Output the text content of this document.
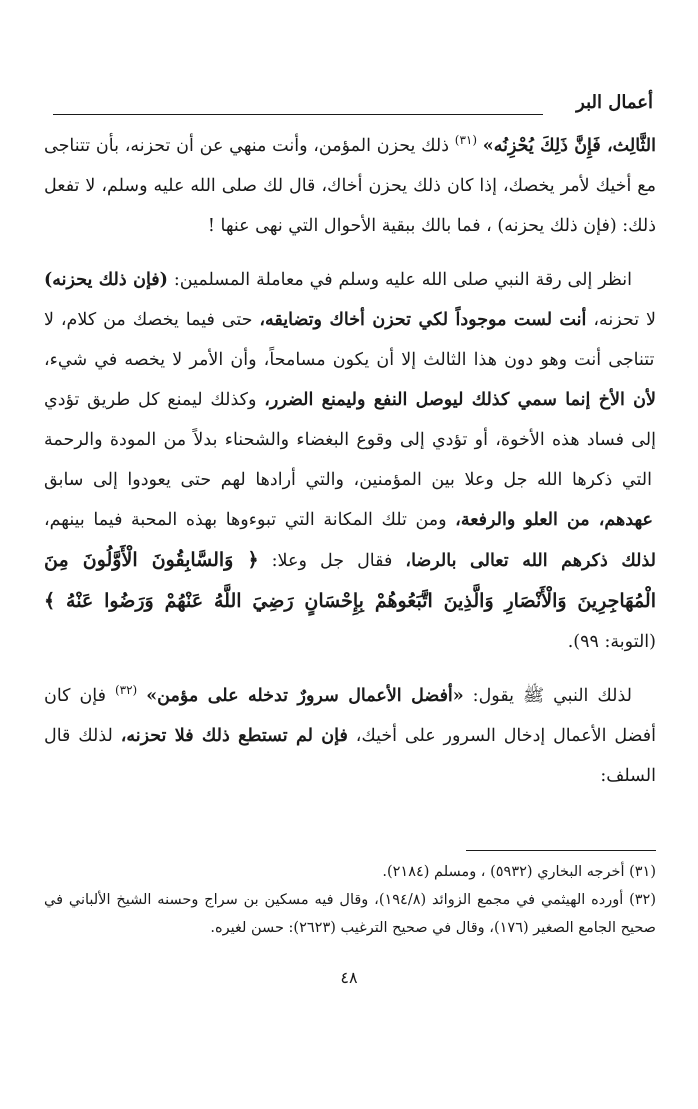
أعمال البر

الثَّالِث، فَإِنَّ ذَلِكَ يُحْزِنُه» $^{(٣١)}$ ذلك يحزن المؤمن، وأنت منهي عن أن تحزنه، بأن تتناجى مع أخيك لأمر يخصك، إذا كان ذلك يحزن أخاك، قال لك صلى الله عليه وسلم، لا تفعل ذلك: (فإن ذلك يحزنه) ، فما بالك ببقية الأحوال التي نهى عنها !

انظر إلى رقة النبي صلى الله عليه وسلم في معاملة المسلمين: (فإن ذلك يحزنه) لا تحزنه، أنت لست موجوداً لكي تحزن أخاك وتضايقه، حتى فيما يخصك من كلام، لا تتناجى أنت وهو دون هذا الثالث إلا أن يكون مسامحاً، وأن الأمر لا يخصه في شيء، لأن الأخ إنما سمي كذلك ليوصل النفع وليمنع الضرر، وكذلك ليمنع كل طريق تؤدي إلى فساد هذه الأخوة، أو تؤدي إلى وقوع البغضاء والشحناء بدلاً من المودة والرحمة التي ذكرها الله جل وعلا بين المؤمنين، والتي أرادها لهم حتى يعودوا إلى سابق عهدهم، من العلو والرفعة، ومن تلك المكانة التي تبوءوها بهذه المحبة فيما بينهم، لذلك ذكرهم الله تعالى بالرضا، فقال جل وعلا: ﴿ وَالسَّابِقُونَ الْأَوَّلُونَ مِنَ الْمُهَاجِرِينَ وَالْأَنْصَارِ وَالَّذِينَ اتَّبَعُوهُمْ بِإِحْسَانٍ رَضِيَ اللَّهُ عَنْهُمْ وَرَضُوا عَنْهُ ﴾ (التوبة: ٩٩).

لذلك النبي ﷺ يقول: «أفضل الأعمال سرورٌ تدخله على مؤمن» $^{(٣٢)}$ فإن كان أفضل الأعمال إدخال السرور على أخيك، فإن لم تستطع ذلك فلا تحزنه، لذلك قال السلف:

(٣١) أخرجه البخاري (٥٩٣٢) ، ومسلم (٢١٨٤).

(٣٢) أورده الهيثمي في مجمع الزوائد (١٩٤/٨)، وقال فيه مسكين بن سراج وحسنه الشيخ الألباني في صحيح الجامع الصغير (١٧٦)، وقال في صحيح الترغيب (٢٦٢٣): حسن لغيره.

٤٨
